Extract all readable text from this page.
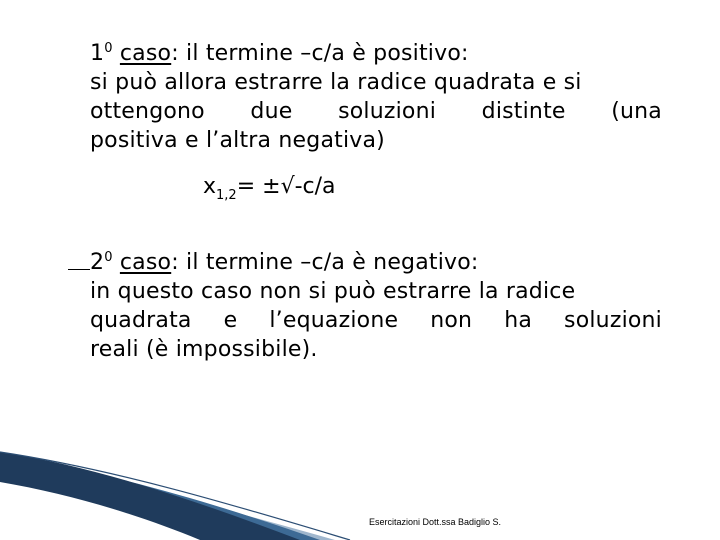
$1^0$ caso: il termine –c/a è positivo:
si può allora estrarre la radice quadrata e si
ottengono due soluzioni distinte (una
positiva e l’altra negativa)
$x_{1,2}= \pm√-c/a$
$2^0$ caso: il termine –c/a è negativo:
in questo caso non si può estrarre la radice
quadrata e l’equazione non ha soluzioni
reali (è impossibile).
Esercitazioni Dott.ssa Badiglio S.
